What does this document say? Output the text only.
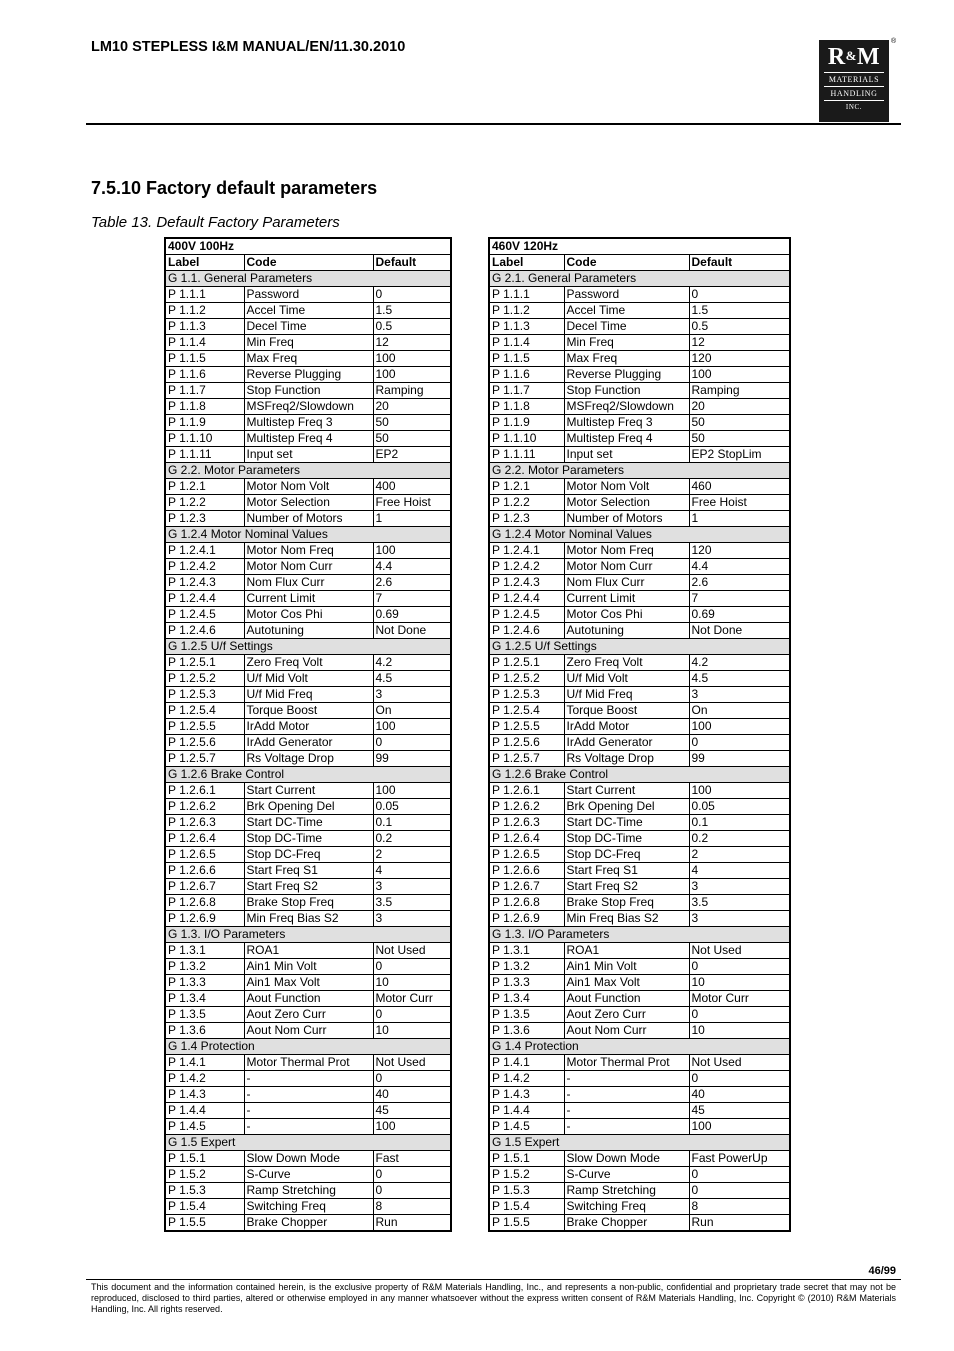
LM10 STEPLESS I&M MANUAL/EN/11.30.2010	R&M
MATERIALS
HANDLING
INC.
®
7.5.10 Factory default parameters
Table 13. Default Factory Parameters
400V 100Hz		
Label	Code	Default
G 1.1. General Parameters		
P 1.1.1	Password	0
P 1.1.2	Accel Time	1.5
P 1.1.3	Decel Time	0.5
P 1.1.4	Min Freq	12
P 1.1.5	Max Freq	100
P 1.1.6	Reverse Plugging	100
P 1.1.7	Stop Function	Ramping
P 1.1.8	MSFreq2/Slowdown	20
P 1.1.9	Multistep Freq 3	50
P 1.1.10	Multistep Freq 4	50
P 1.1.11	Input set	EP2
G 2.2. Motor Parameters		
P 1.2.1	Motor Nom Volt	400
P 1.2.2	Motor Selection	Free Hoist
P 1.2.3	Number of Motors	1
G 1.2.4 Motor Nominal Values		
P 1.2.4.1	Motor Nom Freq	100
P 1.2.4.2	Motor Nom Curr	4.4
P 1.2.4.3	Nom Flux Curr	2.6
P 1.2.4.4	Current Limit	7
P 1.2.4.5	Motor Cos Phi	0.69
P 1.2.4.6	Autotuning	Not Done
G 1.2.5 U/f Settings		
P 1.2.5.1	Zero Freq Volt	4.2
P 1.2.5.2	U/f Mid Volt	4.5
P 1.2.5.3	U/f Mid Freq	3
P 1.2.5.4	Torque Boost	On
P 1.2.5.5	IrAdd Motor	100
P 1.2.5.6	IrAdd Generator	0
P 1.2.5.7	Rs Voltage Drop	99
G 1.2.6 Brake Control		
P 1.2.6.1	Start Current	100
P 1.2.6.2	Brk Opening Del	0.05
P 1.2.6.3	Start DC-Time	0.1
P 1.2.6.4	Stop DC-Time	0.2
P 1.2.6.5	Stop DC-Freq	2
P 1.2.6.6	Start Freq S1	4
P 1.2.6.7	Start Freq S2	3
P 1.2.6.8	Brake Stop Freq	3.5
P 1.2.6.9	Min Freq Bias S2	3
G 1.3. I/O Parameters		
P 1.3.1	ROA1	Not Used
P 1.3.2	Ain1 Min Volt	0
P 1.3.3	Ain1 Max Volt	10
P 1.3.4	Aout Function	Motor Curr
P 1.3.5	Aout Zero Curr	0
P 1.3.6	Aout Nom Curr	10
G 1.4 Protection		
P 1.4.1	Motor Thermal Prot	Not Used
P 1.4.2	-	0
P 1.4.3	-	40
P 1.4.4	-	45
P 1.4.5	-	100
G 1.5 Expert		
P 1.5.1	Slow Down Mode	Fast
P 1.5.2	S-Curve	0
P 1.5.3	Ramp Stretching	0
P 1.5.4	Switching Freq	8
P 1.5.5	Brake Chopper	Run
460V 120Hz		
Label	Code	Default
G 2.1. General Parameters		
P 1.1.1	Password	0
P 1.1.2	Accel Time	1.5
P 1.1.3	Decel Time	0.5
P 1.1.4	Min Freq	12
P 1.1.5	Max Freq	120
P 1.1.6	Reverse Plugging	100
P 1.1.7	Stop Function	Ramping
P 1.1.8	MSFreq2/Slowdown	20
P 1.1.9	Multistep Freq 3	50
P 1.1.10	Multistep Freq 4	50
P 1.1.11	Input set	EP2 StopLim
G 2.2. Motor Parameters		
P 1.2.1	Motor Nom Volt	460
P 1.2.2	Motor Selection	Free Hoist
P 1.2.3	Number of Motors	1
G 1.2.4 Motor Nominal Values		
P 1.2.4.1	Motor Nom Freq	120
P 1.2.4.2	Motor Nom Curr	4.4
P 1.2.4.3	Nom Flux Curr	2.6
P 1.2.4.4	Current Limit	7
P 1.2.4.5	Motor Cos Phi	0.69
P 1.2.4.6	Autotuning	Not Done
G 1.2.5 U/f Settings		
P 1.2.5.1	Zero Freq Volt	4.2
P 1.2.5.2	U/f Mid Volt	4.5
P 1.2.5.3	U/f Mid Freq	3
P 1.2.5.4	Torque Boost	On
P 1.2.5.5	IrAdd Motor	100
P 1.2.5.6	IrAdd Generator	0
P 1.2.5.7	Rs Voltage Drop	99
G 1.2.6 Brake Control		
P 1.2.6.1	Start Current	100
P 1.2.6.2	Brk Opening Del	0.05
P 1.2.6.3	Start DC-Time	0.1
P 1.2.6.4	Stop DC-Time	0.2
P 1.2.6.5	Stop DC-Freq	2
P 1.2.6.6	Start Freq S1	4
P 1.2.6.7	Start Freq S2	3
P 1.2.6.8	Brake Stop Freq	3.5
P 1.2.6.9	Min Freq Bias S2	3
G 1.3. I/O Parameters		
P 1.3.1	ROA1	Not Used
P 1.3.2	Ain1 Min Volt	0
P 1.3.3	Ain1 Max Volt	10
P 1.3.4	Aout Function	Motor Curr
P 1.3.5	Aout Zero Curr	0
P 1.3.6	Aout Nom Curr	10
G 1.4 Protection		
P 1.4.1	Motor Thermal Prot	Not Used
P 1.4.2	-	0
P 1.4.3	-	40
P 1.4.4	-	45
P 1.4.5	-	100
G 1.5 Expert		
P 1.5.1	Slow Down Mode	Fast PowerUp
P 1.5.2	S-Curve	0
P 1.5.3	Ramp Stretching	0
P 1.5.4	Switching Freq	8
P 1.5.5	Brake Chopper	Run
46/99
This document and the information contained herein, is the exclusive property of R&M Materials Handling, Inc., and represents a non-public, confidential and proprietary trade secret that may not be reproduced, disclosed to third parties, altered or otherwise employed in any manner whatsoever without the express written consent of R&M Materials Handling, Inc. Copyright © (2010) R&M Materials Handling, Inc. All rights reserved.
